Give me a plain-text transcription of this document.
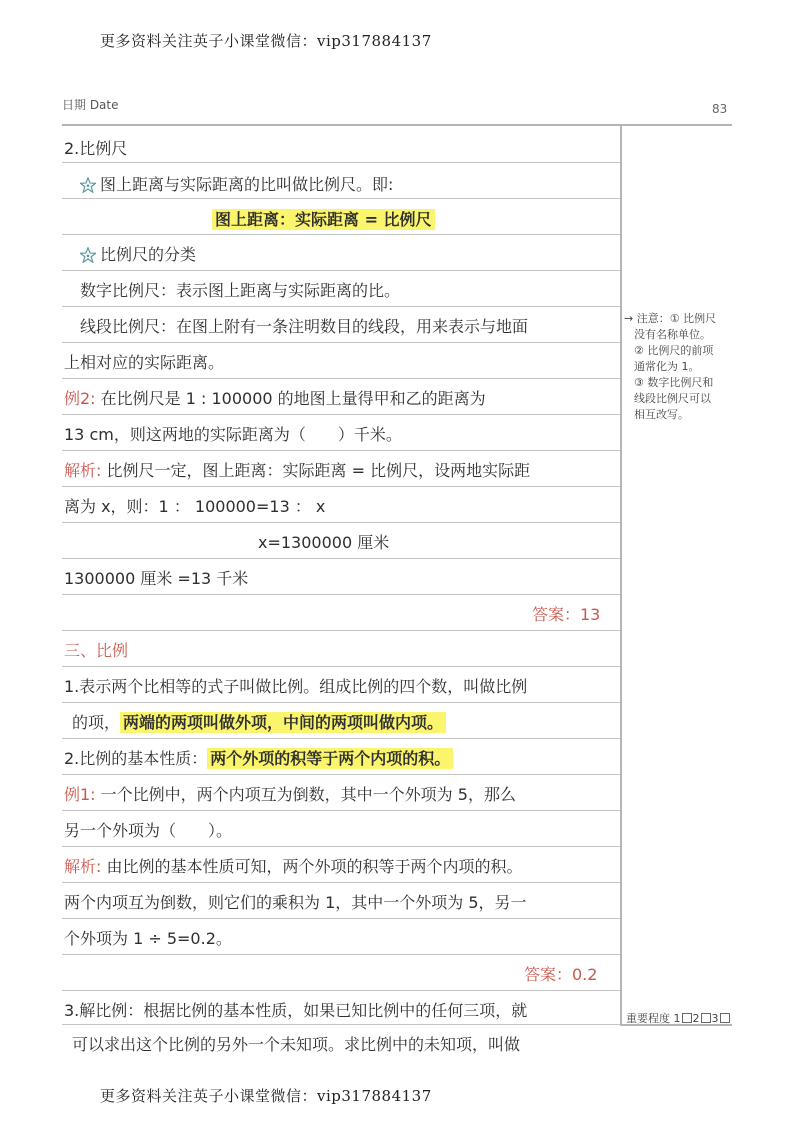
更多资料关注英子小课堂微信：vip317884137
更多资料关注英子小课堂微信：vip317884137
日期 Date	83
2.比例尺
图上距离与实际距离的比叫做比例尺。即:
图上距离：实际距离 = 比例尺
比例尺的分类
数字比例尺：表示图上距离与实际距离的比。
线段比例尺：在图上附有一条注明数目的线段，用来表示与地面
上相对应的实际距离。
例2: 在比例尺是 1 : 100000 的地图上量得甲和乙的距离为
13 cm，则这两地的实际距离为（　　）千米。
解析: 比例尺一定，图上距离：实际距离 = 比例尺，设两地实际距
离为 x，则：1 ： 100000=13 ： x
x=1300000 厘米
1300000 厘米 =13 千米
答案：13
三、比例
1.表示两个比相等的式子叫做比例。组成比例的四个数，叫做比例
的项， 两端的两项叫做外项，中间的两项叫做内项。
2.比例的基本性质： 两个外项的积等于两个内项的积。
例1: 一个比例中，两个内项互为倒数，其中一个外项为 5，那么
另一个外项为（　　）。
解析: 由比例的基本性质可知，两个外项的积等于两个内项的积。
两个内项互为倒数，则它们的乘积为 1，其中一个外项为 5，另一
个外项为 1 ÷ 5=0.2。
答案：0.2
3.解比例：根据比例的基本性质，如果已知比例中的任何三项，就
可以求出这个比例的另外一个未知项。求比例中的未知项，叫做
→ 注意：① 比例尺
没有名称单位。
② 比例尺的前项
通常化为 1。
③ 数字比例尺和
线段比例尺可以
相互改写。
重要程度 1 2 3
